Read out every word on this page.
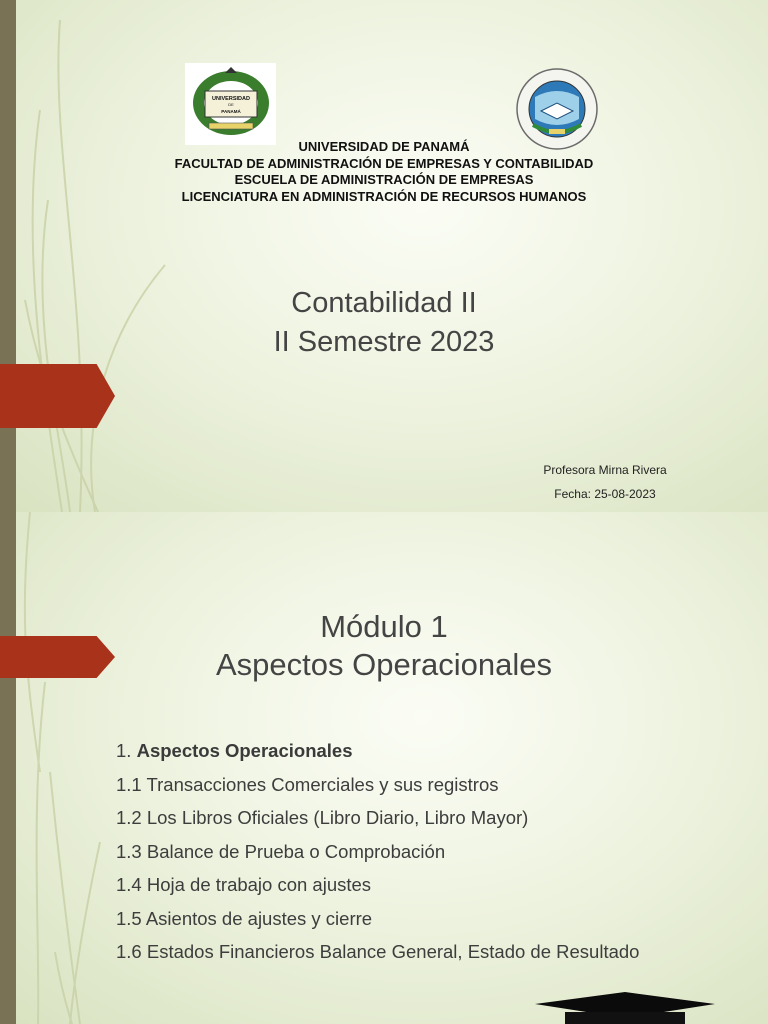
UNIVERSIDAD
DE
PANAMÁ
UNIVERSIDAD DE PANAMÁ
FACULTAD DE ADMINISTRACIÓN DE EMPRESAS Y CONTABILIDAD
ESCUELA DE ADMINISTRACIÓN DE EMPRESAS
LICENCIATURA EN ADMINISTRACIÓN DE RECURSOS HUMANOS
Contabilidad II
II Semestre 2023
Profesora Mirna Rivera
Fecha: 25-08-2023
Módulo 1
Aspectos Operacionales
1. Aspectos Operacionales
1.1 Transacciones Comerciales y sus registros
1.2 Los Libros Oficiales (Libro Diario, Libro Mayor)
1.3 Balance de Prueba o Comprobación
1.4 Hoja de trabajo con ajustes
1.5 Asientos de ajustes y cierre
1.6 Estados Financieros Balance General, Estado de Resultado
